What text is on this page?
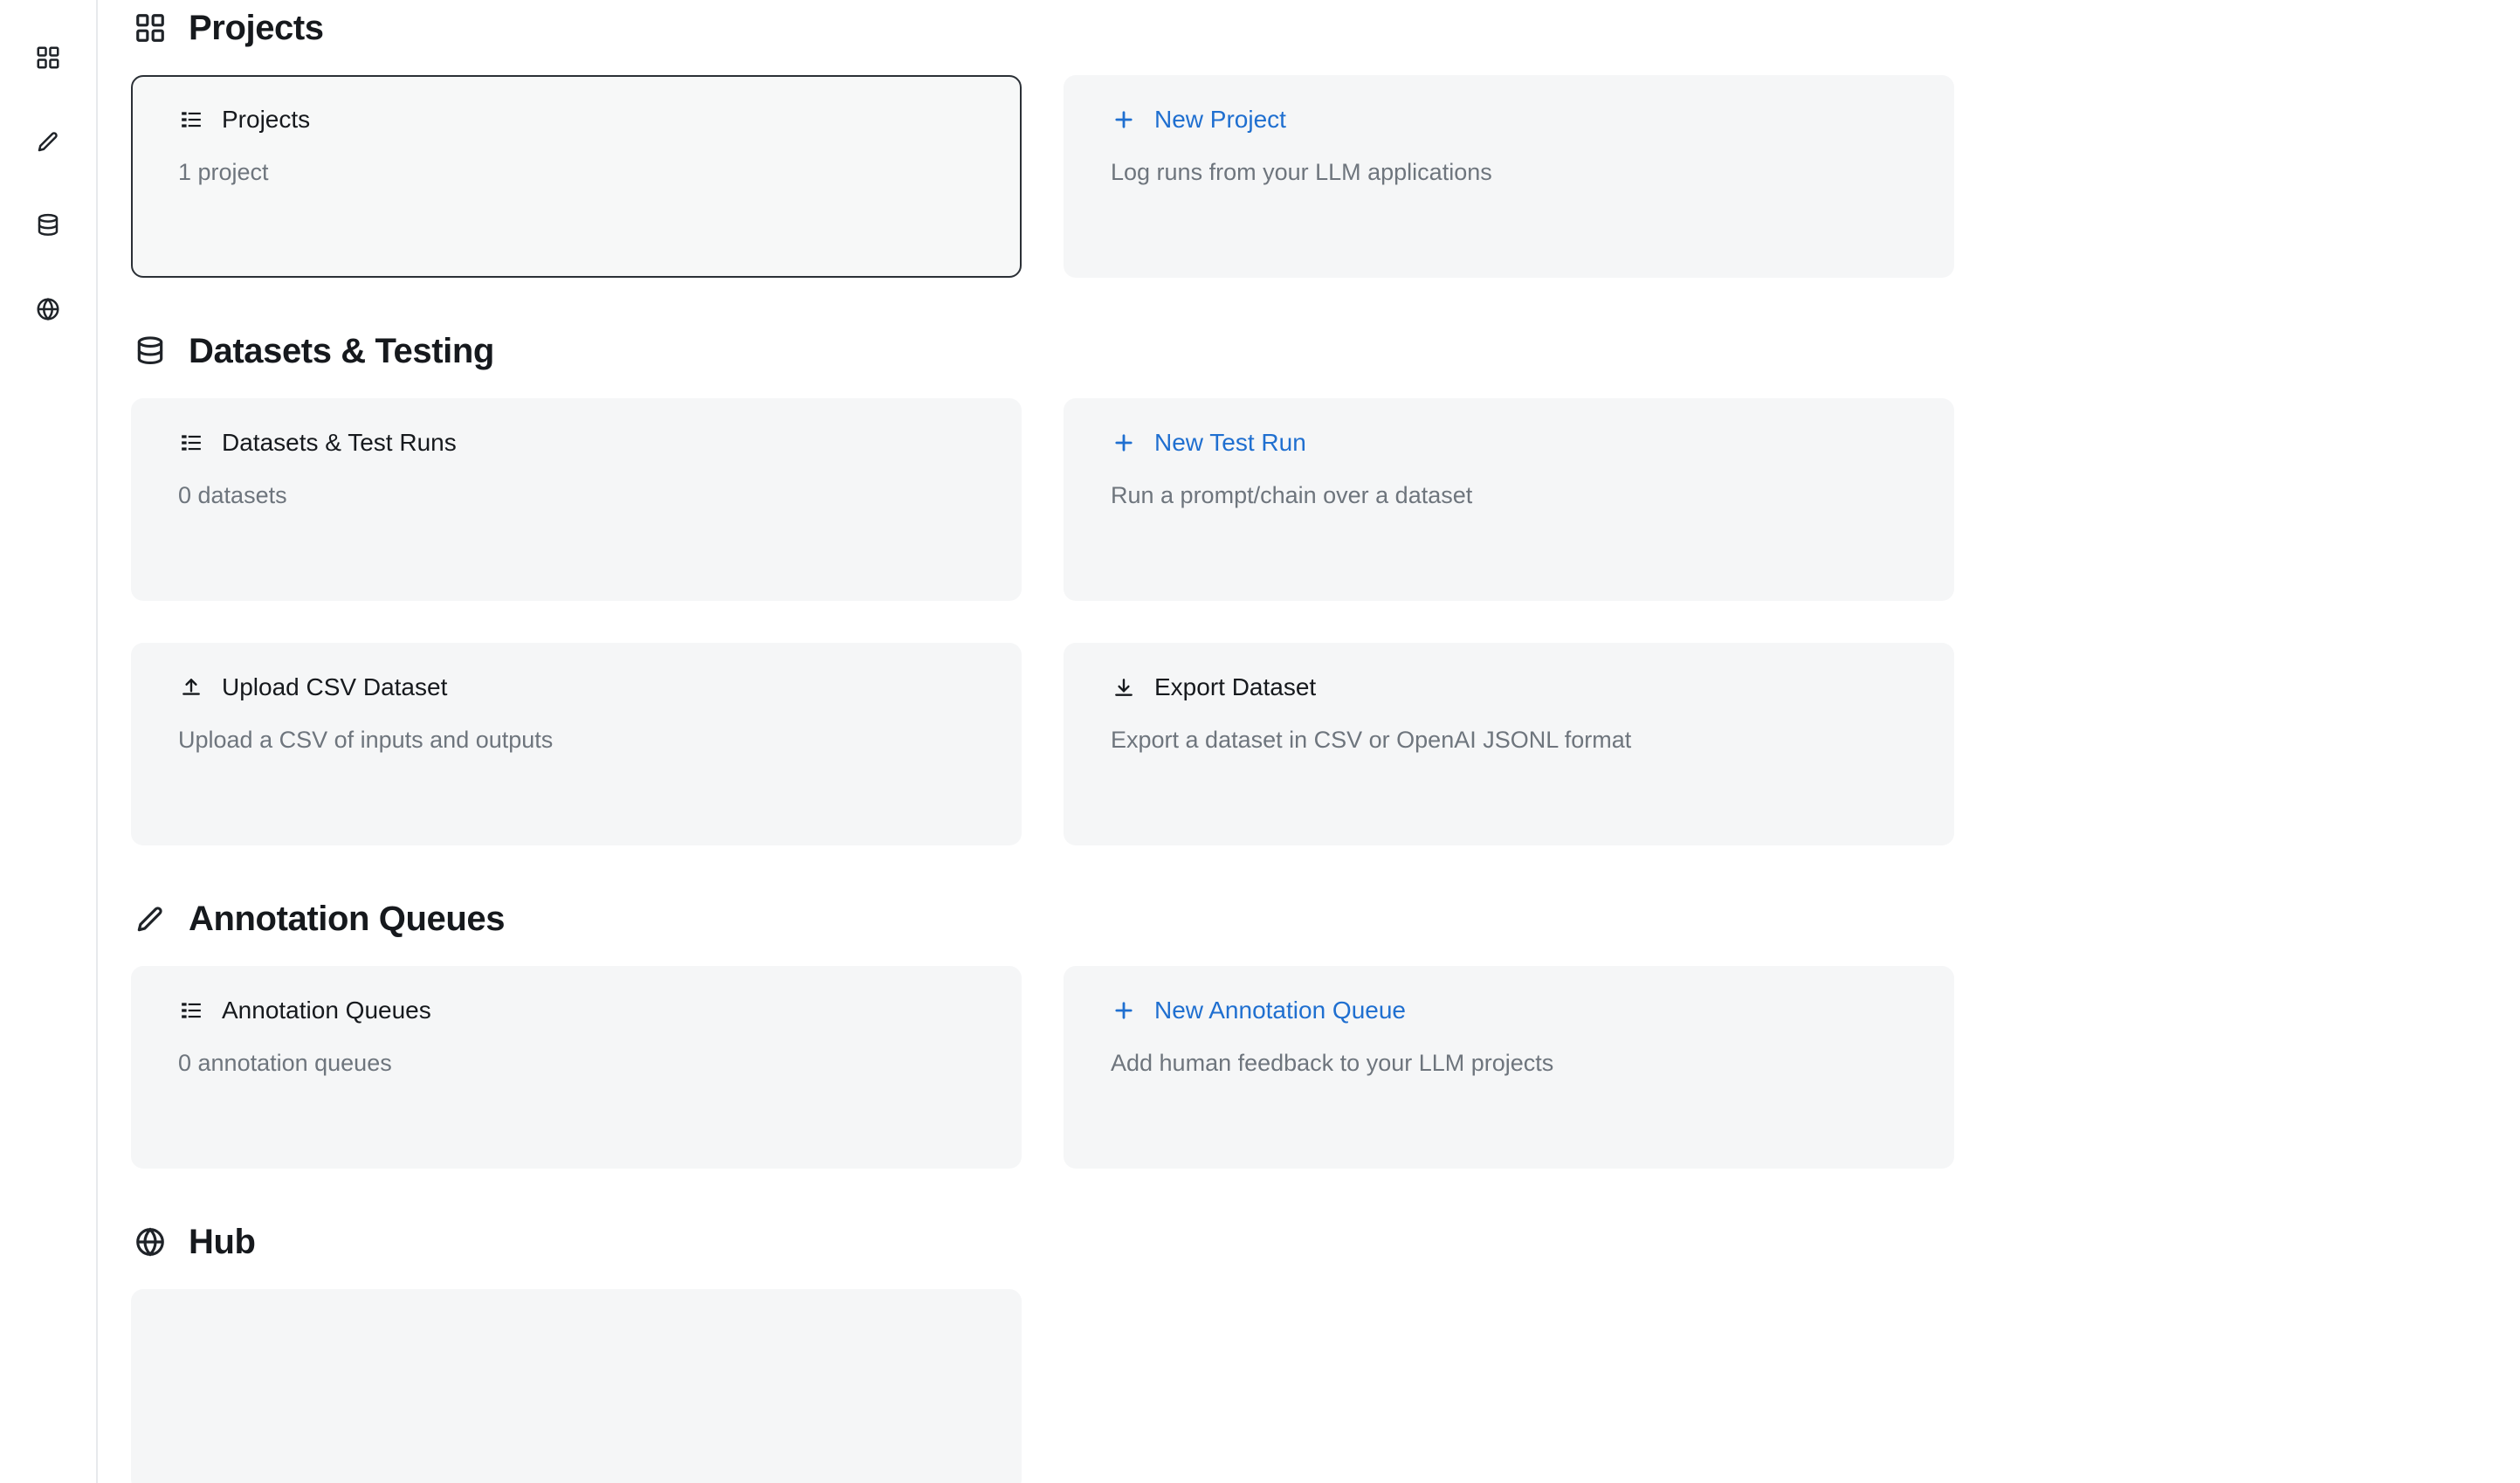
Projects
Projects
1 project
New Project
Log runs from your LLM applications
Datasets & Testing
Datasets & Test Runs
0 datasets
New Test Run
Run a prompt/chain over a dataset
Upload CSV Dataset
Upload a CSV of inputs and outputs
Export Dataset
Export a dataset in CSV or OpenAI JSONL format
Annotation Queues
Annotation Queues
0 annotation queues
New Annotation Queue
Add human feedback to your LLM projects
Hub
